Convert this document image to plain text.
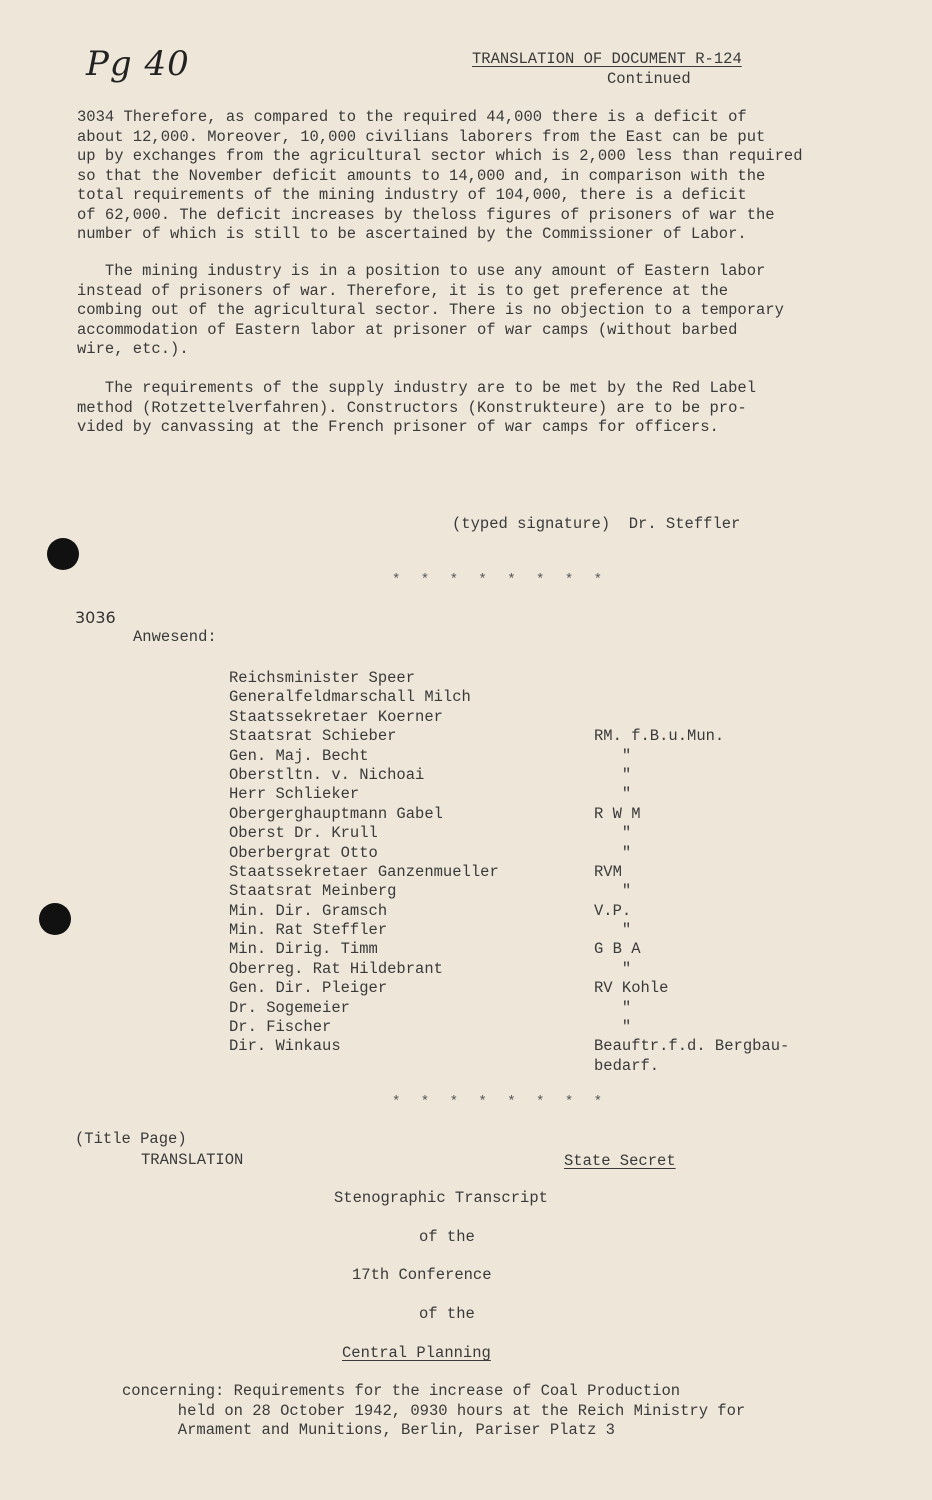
Pg 40	TRANSLATION OF DOCUMENT R-124
Continued
3034 Therefore, as compared to the required 44,000 there is a deficit of
about 12,000. Moreover, 10,000 civilians laborers from the East can be put
up by exchanges from the agricultural sector which is 2,000 less than required
so that the November deficit amounts to 14,000 and, in comparison with the
total requirements of the mining industry of 104,000, there is a deficit
of 62,000. The deficit increases by theloss figures of prisoners of war the
number of which is still to be ascertained by the Commissioner of Labor.
The mining industry is in a position to use any amount of Eastern labor
instead of prisoners of war. Therefore, it is to get preference at the
combing out of the agricultural sector. There is no objection to a temporary
accommodation of Eastern labor at prisoner of war camps (without barbed
wire, etc.).
The requirements of the supply industry are to be met by the Red Label
method (Rotzettelverfahren). Constructors (Konstrukteure) are to be pro-
vided by canvassing at the French prisoner of war camps for officers.
(typed signature)  Dr. Steffler
* * * * * * * *
3036
Anwesend:
Reichsminister Speer
Generalfeldmarschall Milch
Staatssekretaer Koerner
Staatsrat Schieber
Gen. Maj. Becht
Oberstltn. v. Nichoai
Herr Schlieker
Obergerghauptmann Gabel
Oberst Dr. Krull
Oberbergrat Otto
Staatssekretaer Ganzenmueller
Staatsrat Meinberg
Min. Dir. Gramsch
Min. Rat Steffler
Min. Dirig. Timm
Oberreg. Rat Hildebrant
Gen. Dir. Pleiger
Dr. Sogemeier
Dr. Fischer
Dir. Winkaus
RM. f.B.u.Mun.
"
"
"
R W M
"
"
RVM
"
V.P.
"
G B A
"
RV Kohle
"
"
Beauftr.f.d. Bergbau-
bedarf.
* * * * * * * *
(Title Page)
TRANSLATION	State Secret
Stenographic Transcript
of the
17th Conference
of the
Central Planning
concerning: Requirements for the increase of Coal Production
held on 28 October 1942, 0930 hours at the Reich Ministry for
Armament and Munitions, Berlin, Pariser Platz 3
